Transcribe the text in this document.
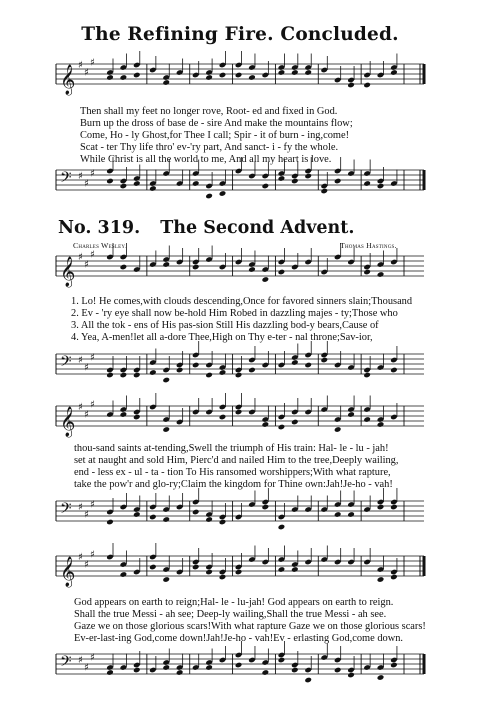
The Refining Fire. Concluded.
𝄞 ♯
♯
♯
Then shall my feet no longer rove, Root- ed and fixed in God.
Burn up the dross of base de - sire And make the mountains flow;
Come, Ho - ly Ghost,for Thee I call; Spir - it of burn - ing,come!
Scat - ter Thy life thro' ev-'ry part, And sanct- i - fy the whole.
While Christ is all the world to me, And all my heart is love.
𝄢 ♯
♯
♯
No. 319. The Second Advent.
Charles Wesley.	Thomas Hastings.
𝄞 ♯
♯
♯
1. Lo! He comes,with clouds descending,Once for favored sinners slain;Thousand
2. Ev - 'ry eye shall now be-hold Him Robed in dazzling majes - ty;Those who
3. All the tok - ens of His pas-sion Still His dazzling bod-y bears,Cause of
4. Yea, A-men!let all a-dore Thee,High on Thy e-ter - nal throne;Sav-ior,
𝄢 ♯
♯
♯
𝄞 ♯
♯
♯
thou-sand saints at-tending,Swell the triumph of His train: Hal- le - lu - jah!
set at naught and sold Him, Pierc'd and nailed Him to the tree,Deeply wailing,
end - less ex - ul - ta - tion To His ransomed worshippers;With what rapture,
take the pow'r and glo-ry;Claim the kingdom for Thine own:Jah!Je-ho - vah!
𝄢 ♯
♯
♯
𝄞 ♯
♯
♯
God appears on earth to reign;Hal- le - lu-jah! God appears on earth to reign.
Shall the true Messi - ah see; Deep-ly wailing,Shall the true Messi - ah see.
Gaze we on those glorious scars!With what rapture Gaze we on those glorious scars!
Ev-er-last-ing God,come down!Jah!Je-ho - vah!Ev - erlasting God,come down.
𝄢 ♯
♯
♯
